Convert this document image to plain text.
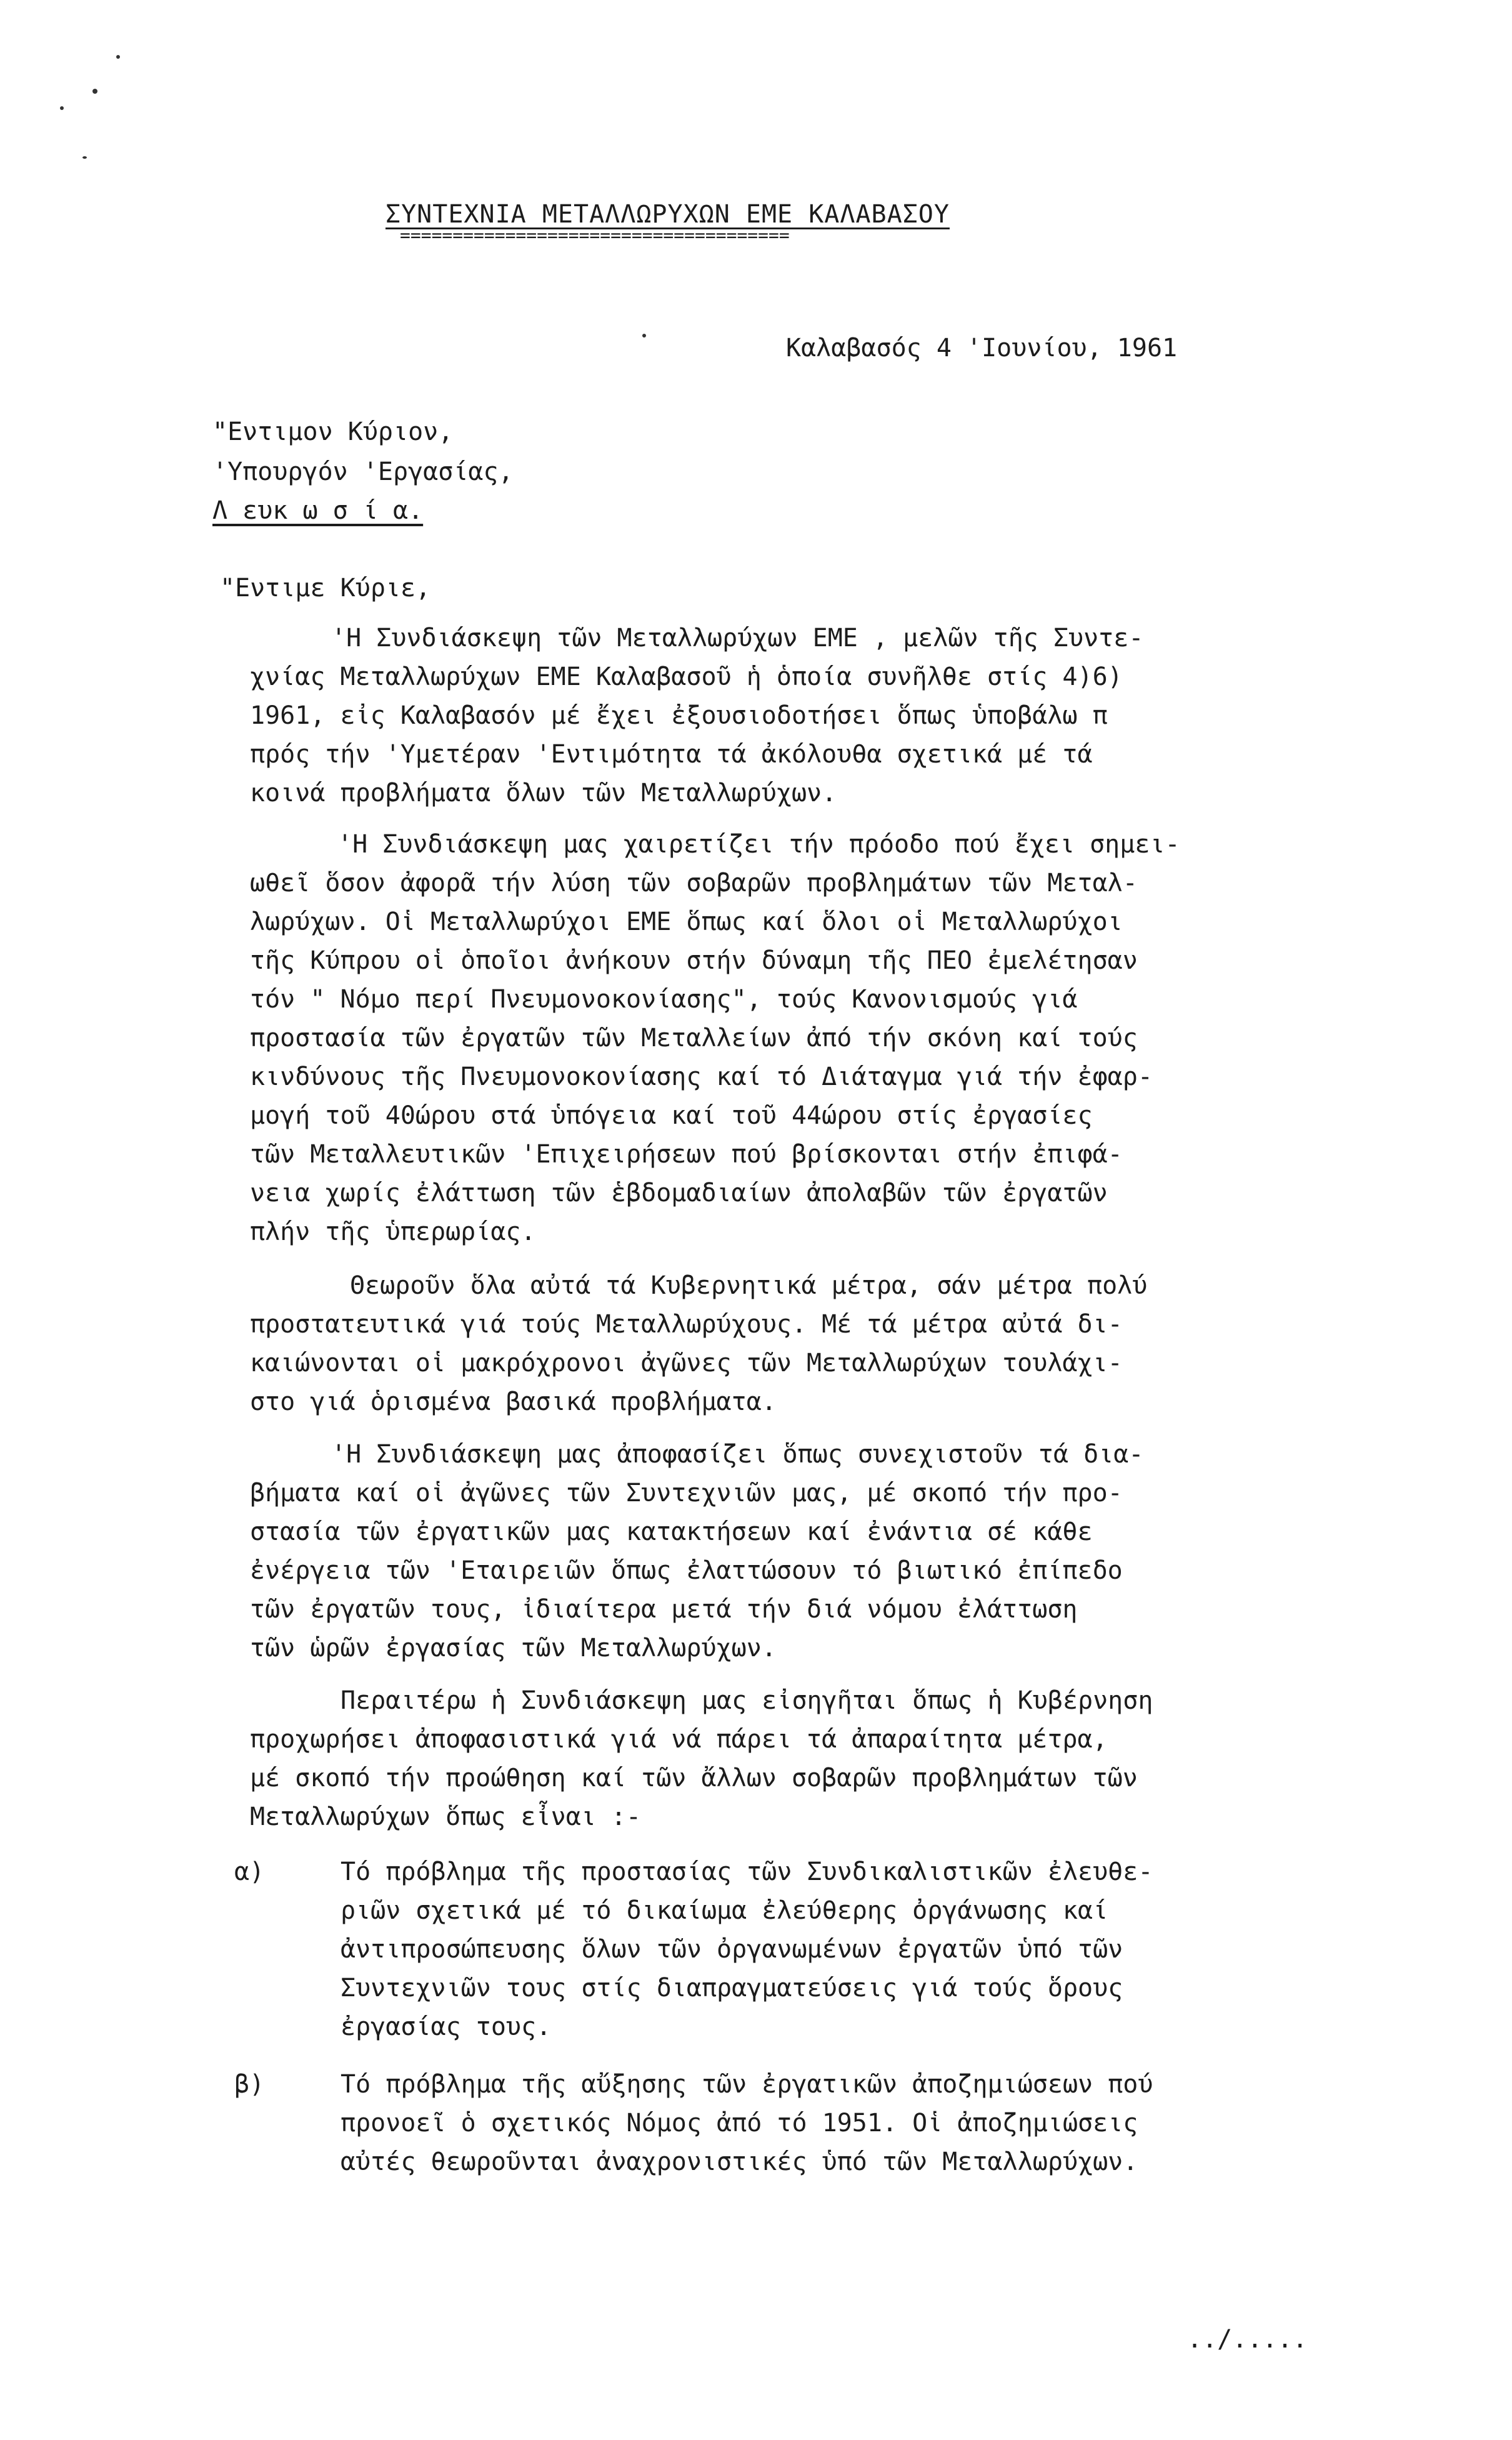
ΣΥΝΤΕΧΝΙΑ ΜΕΤΑΛΛΩΡΥΧΩΝ ΕΜΕ ΚΑΛΑΒΑΣΟΥ
=====================================
Καλαβασός 4 'Ιουνίου, 1961
"Εντιμον Κύριον,
'Υπουργόν 'Εργασίας,
Λ ευκ ω σ ί α.
"Εντιμε Κύριε,
'Η Συνδιάσκεψη τῶν Μεταλλωρύχων ΕΜΕ , μελῶν τῆς Συντε-
χνίας Μεταλλωρύχων ΕΜΕ Καλαβασοῦ ἡ ὁποία συνῆλθε στίς 4)6)
1961, εἰς Καλαβασόν μέ ἔχει ἐξουσιοδοτήσει ὅπως ὑποβάλω π
πρός τήν 'Υμετέραν 'Εντιμότητα τά ἀκόλουθα σχετικά μέ τά
κοινά προβλήματα ὅλων τῶν Μεταλλωρύχων.
'Η Συνδιάσκεψη μας χαιρετίζει τήν πρόοδο πού ἔχει σημει-
ωθεῖ ὅσον ἀφορᾶ τήν λύση τῶν σοβαρῶν προβλημάτων τῶν Μεταλ-
λωρύχων. Οἱ Μεταλλωρύχοι ΕΜΕ ὅπως καί ὅλοι οἱ Μεταλλωρύχοι
τῆς Κύπρου οἱ ὁποῖοι ἀνήκουν στήν δύναμη τῆς ΠΕΟ ἐμελέτησαν
τόν " Νόμο περί Πνευμονοκονίασης", τούς Κανονισμούς γιά
προστασία τῶν ἐργατῶν τῶν Μεταλλείων ἀπό τήν σκόνη καί τούς
κινδύνους τῆς Πνευμονοκονίασης καί τό Διάταγμα γιά τήν ἐφαρ-
μογή τοῦ 40ώρου στά ὑπόγεια καί τοῦ 44ώρου στίς ἐργασίες
τῶν Μεταλλευτικῶν 'Επιχειρήσεων πού βρίσκονται στήν ἐπιφά-
νεια χωρίς ἐλάττωση τῶν ἑβδομαδιαίων ἀπολαβῶν τῶν ἐργατῶν
πλήν τῆς ὑπερωρίας.
Θεωροῦν ὅλα αὐτά τά Κυβερνητικά μέτρα, σάν μέτρα πολύ
προστατευτικά γιά τούς Μεταλλωρύχους. Μέ τά μέτρα αὐτά δι-
καιώνονται οἱ μακρόχρονοι ἀγῶνες τῶν Μεταλλωρύχων τουλάχι-
στο γιά ὁρισμένα βασικά προβλήματα.
'Η Συνδιάσκεψη μας ἀποφασίζει ὅπως συνεχιστοῦν τά δια-
βήματα καί οἱ ἀγῶνες τῶν Συντεχνιῶν μας, μέ σκοπό τήν προ-
στασία τῶν ἐργατικῶν μας κατακτήσεων καί ἐνάντια σέ κάθε
ἐνέργεια τῶν 'Εταιρειῶν ὅπως ἐλαττώσουν τό βιωτικό ἐπίπεδο
τῶν ἐργατῶν τους, ἰδιαίτερα μετά τήν διά νόμου ἐλάττωση
τῶν ὡρῶν ἐργασίας τῶν Μεταλλωρύχων.
Περαιτέρω ἡ Συνδιάσκεψη μας εἰσηγῆται ὅπως ἡ Κυβέρνηση
προχωρήσει ἀποφασιστικά γιά νά πάρει τά ἀπαραίτητα μέτρα,
μέ σκοπό τήν προώθηση καί τῶν ἄλλων σοβαρῶν προβλημάτων τῶν
Μεταλλωρύχων ὅπως εἶναι :-
α)	Τό πρόβλημα τῆς προστασίας τῶν Συνδικαλιστικῶν ἐλευθε-
ριῶν σχετικά μέ τό δικαίωμα ἐλεύθερης ὀργάνωσης καί
ἀντιπροσώπευσης ὅλων τῶν ὀργανωμένων ἐργατῶν ὑπό τῶν
Συντεχνιῶν τους στίς διαπραγματεύσεις γιά τούς ὅρους
ἐργασίας τους.
β)	Τό πρόβλημα τῆς αὔξησης τῶν ἐργατικῶν ἀποζημιώσεων πού
προνοεῖ ὁ σχετικός Νόμος ἀπό τό 1951. Οἱ ἀποζημιώσεις
αὐτές θεωροῦνται ἀναχρονιστικές ὑπό τῶν Μεταλλωρύχων.
../.....
